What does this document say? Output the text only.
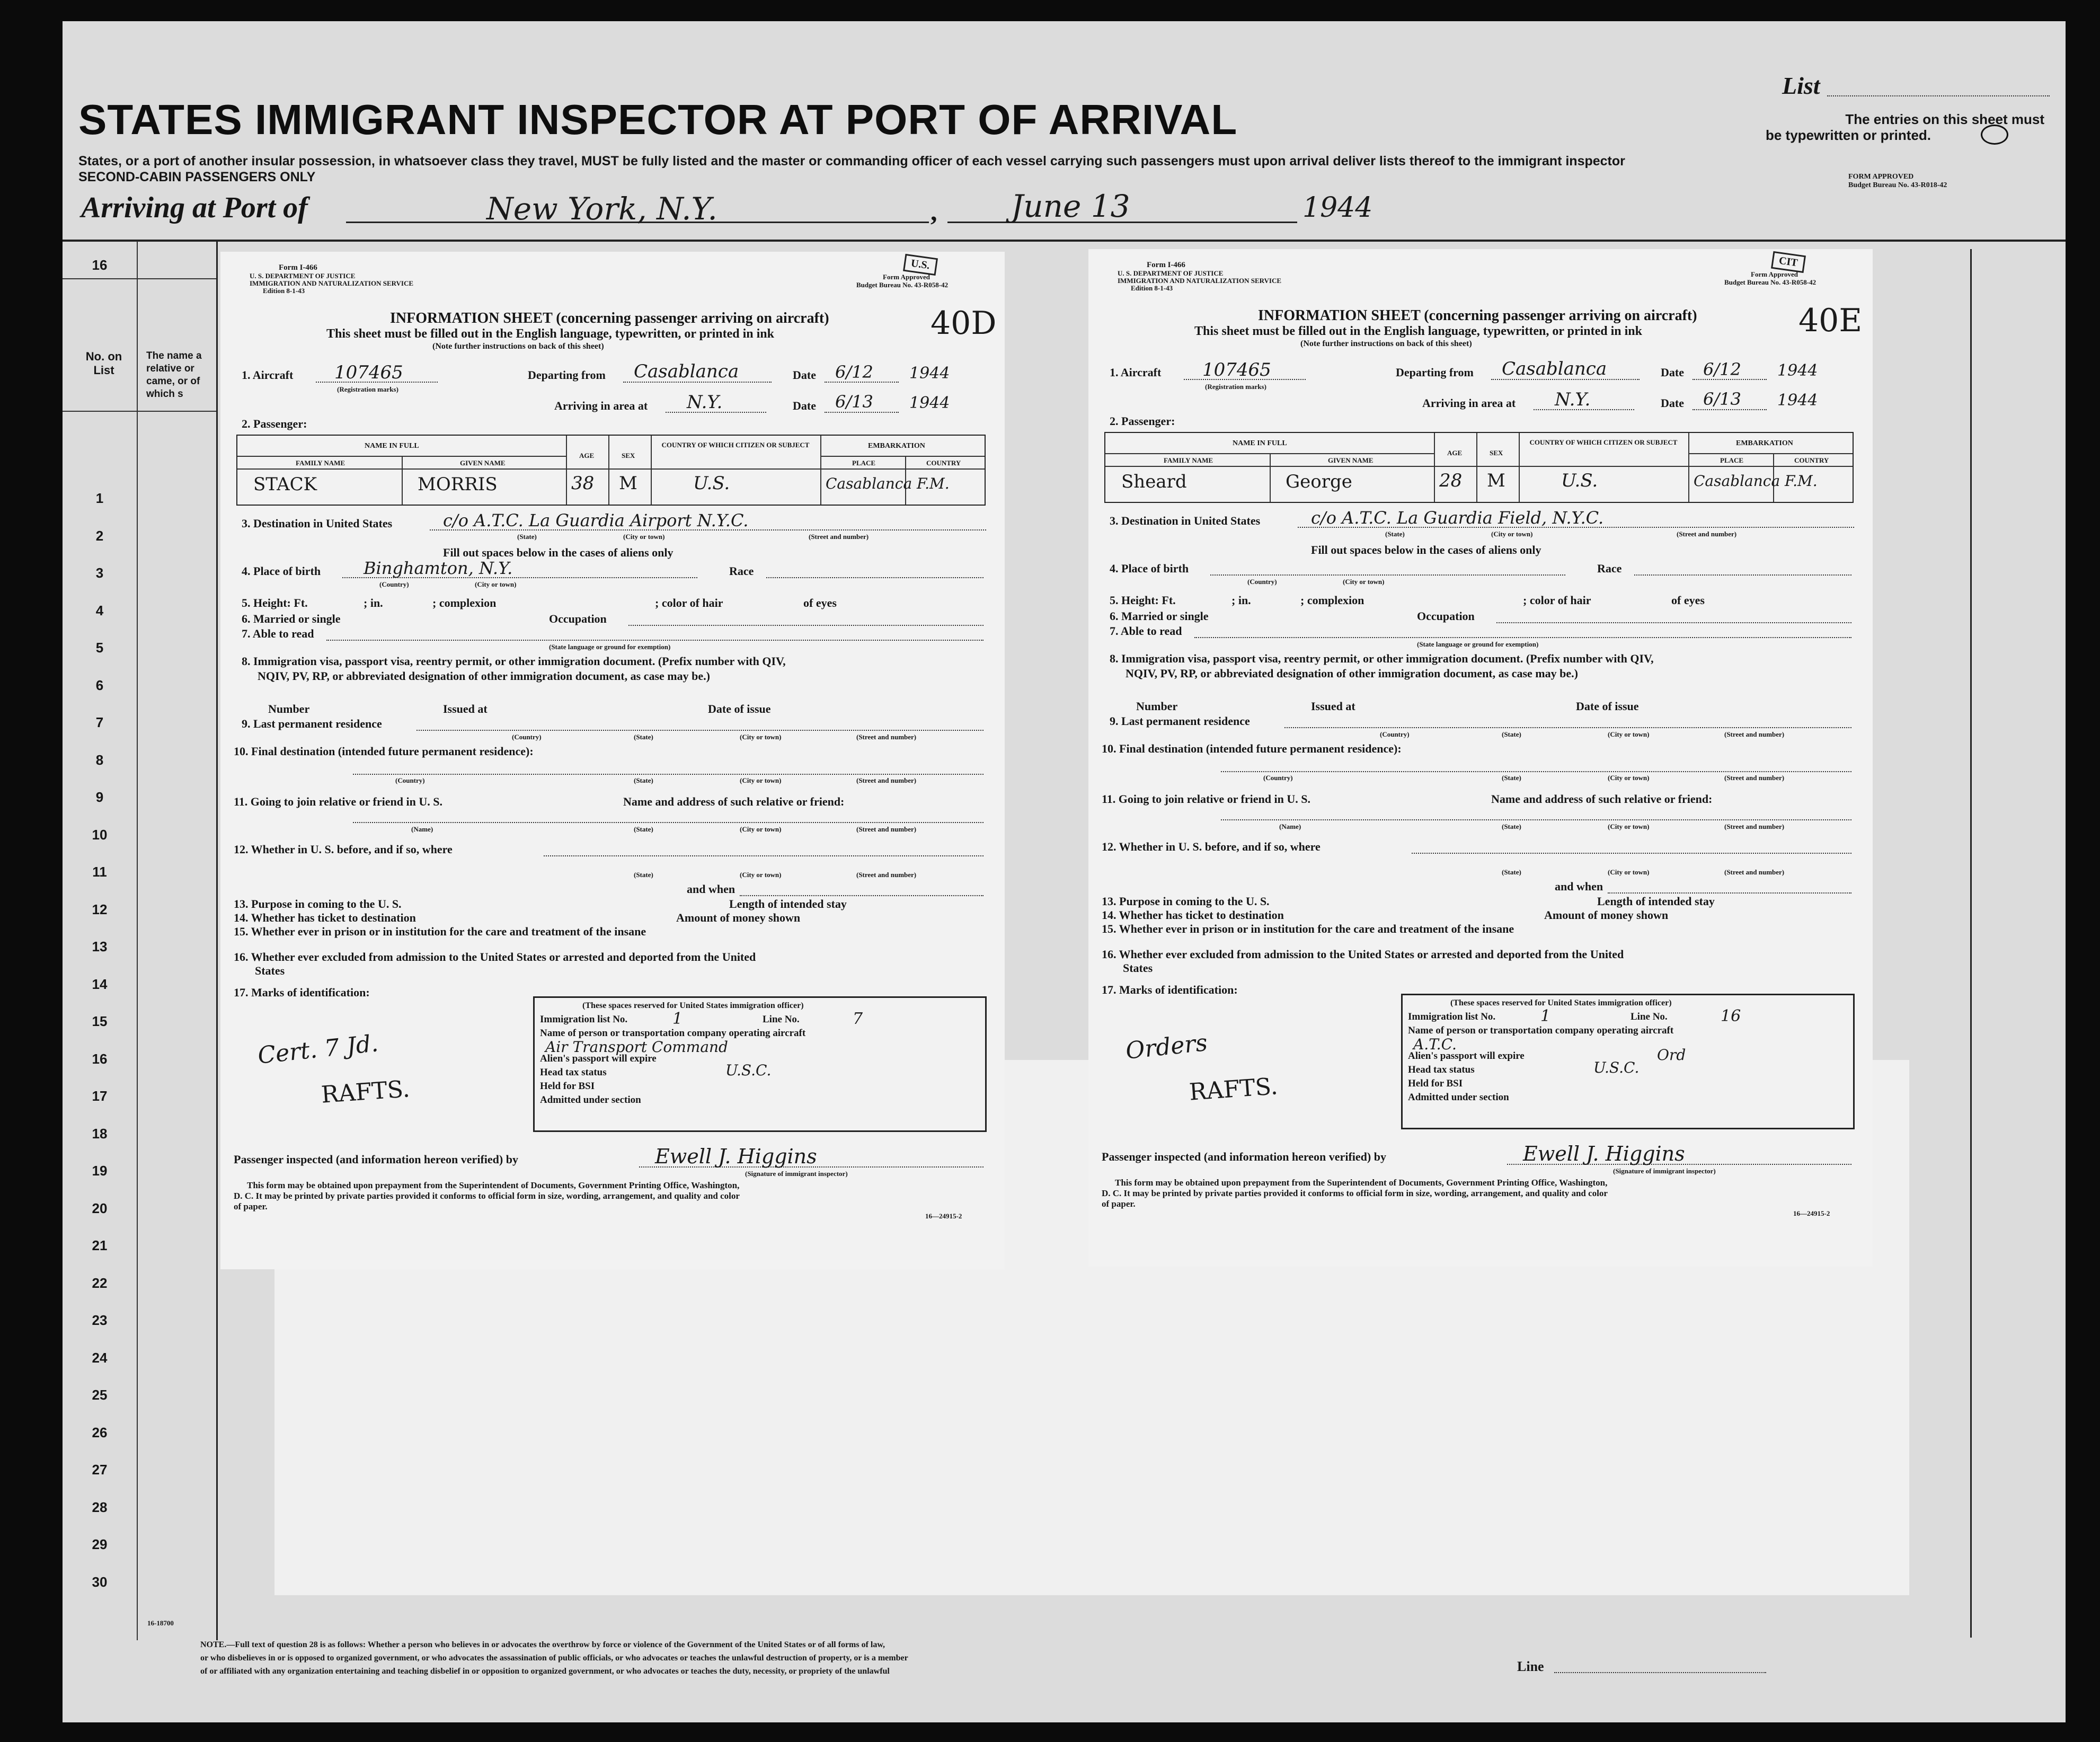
STATES IMMIGRANT INSPECTOR AT PORT OF ARRIVAL
States, or a port of another insular possession, in whatsoever class they travel, MUST be fully listed and the master or commanding officer of each vessel carrying such passengers must upon arrival deliver lists thereof to the immigrant inspector
SECOND-CABIN PASSENGERS ONLY
List
The entries on this sheet must
be typewritten or printed.
FORM APPROVED
Budget Bureau No. 43-R018-42
Arriving at Port of	New York, N.Y.	, June 13	1944
16
No. on List
The name a relative or came, or of which s
1
2
3
4
5
6
7
8
9
10
11
12
13
14
15
16
17
18
19
20
21
22
23
24
25
26
27
28
29
30
16-18700
Form I-466
U. S. DEPARTMENT OF JUSTICE
IMMIGRATION AND NATURALIZATION SERVICE
Edition 8-1-43
Form Approved
Budget Bureau No. 43-R058-42
U.S.
INFORMATION SHEET (concerning passenger arriving on aircraft)
This sheet must be filled out in the English language, typewritten, or printed in ink
(Note further instructions on back of this sheet)
40D
1. Aircraft 107465
(Registration marks)
Departing from Casablanca	Date 6/12 1944
Arriving in area at N.Y.	Date 6/13 1944
2. Passenger:
NAME IN FULL
FAMILY NAME	GIVEN NAME
AGE	SEX
COUNTRY OF WHICH CITIZEN OR SUBJECT	EMBARKATION
PLACE	COUNTRY
STACK	MORRIS	38 M	U.S.	Casablanca F.M.
3. Destination in United States	c/o A.T.C. La Guardia Airport N.Y.C.
(State)	(City or town)	(Street and number)
Fill out spaces below in the cases of aliens only
4. Place of birth	Binghamton, N.Y.
(Country)	(City or town)
Race
5. Height: Ft.	; in.	; complexion	; color of hair	of eyes
6. Married or single	Occupation
7. Able to read
(State language or ground for exemption)
8. Immigration visa, passport visa, reentry permit, or other immigration document. (Prefix number with QIV,
NQIV, PV, RP, or abbreviated designation of other immigration document, as case may be.)
Number	Issued at	Date of issue
9. Last permanent residence
(Country)	(State)	(City or town)	(Street and number)
10. Final destination (intended future permanent residence):
(Country)	(State)	(City or town)	(Street and number)
11. Going to join relative or friend in U. S.	Name and address of such relative or friend:
(Name)	(State)	(City or town)	(Street and number)
12. Whether in U. S. before, and if so, where
(State)	(City or town)	(Street and number)
and when
13. Purpose in coming to the U. S.	Length of intended stay
14. Whether has ticket to destination	Amount of money shown
15. Whether ever in prison or in institution for the care and treatment of the insane
16. Whether ever excluded from admission to the United States or arrested and deported from the United
States
17. Marks of identification:
(These spaces reserved for United States immigration officer)
Immigration list No.	1	Line No.	7
Name of person or transportation company operating aircraft
Air Transport Command
Alien's passport will expire
Head tax status	U.S.C.
Held for BSI
Admitted under section
Cert. 7 Jd.
RAFTS.
Passenger inspected (and information hereon verified) by	Ewell J. Higgins
(Signature of immigrant inspector)
This form may be obtained upon prepayment from the Superintendent of Documents, Government Printing Office, Washington,
D. C. It may be printed by private parties provided it conforms to official form in size, wording, arrangement, and quality and color
of paper.
16—24915-2
Form I-466
U. S. DEPARTMENT OF JUSTICE
IMMIGRATION AND NATURALIZATION SERVICE
Edition 8-1-43
Form Approved
Budget Bureau No. 43-R058-42
CIT
INFORMATION SHEET (concerning passenger arriving on aircraft)
This sheet must be filled out in the English language, typewritten, or printed in ink
(Note further instructions on back of this sheet)
40E
1. Aircraft 107465
(Registration marks)
Departing from Casablanca	Date 6/12 1944
Arriving in area at N.Y.	Date 6/13 1944
2. Passenger:
NAME IN FULL
FAMILY NAME	GIVEN NAME
AGE	SEX
COUNTRY OF WHICH CITIZEN OR SUBJECT	EMBARKATION
PLACE	COUNTRY
Sheard	George	28 M	U.S.	Casablanca F.M.
3. Destination in United States	c/o A.T.C. La Guardia Field, N.Y.C.
(State)	(City or town)	(Street and number)
Fill out spaces below in the cases of aliens only
4. Place of birth
(Country)	(City or town)
Race
5. Height: Ft.	; in.	; complexion	; color of hair	of eyes
6. Married or single	Occupation
7. Able to read
(State language or ground for exemption)
8. Immigration visa, passport visa, reentry permit, or other immigration document. (Prefix number with QIV,
NQIV, PV, RP, or abbreviated designation of other immigration document, as case may be.)
Number	Issued at	Date of issue
9. Last permanent residence
(Country)	(State)	(City or town)	(Street and number)
10. Final destination (intended future permanent residence):
(Country)	(State)	(City or town)	(Street and number)
11. Going to join relative or friend in U. S.	Name and address of such relative or friend:
(Name)	(State)	(City or town)	(Street and number)
12. Whether in U. S. before, and if so, where
(State)	(City or town)	(Street and number)
and when
13. Purpose in coming to the U. S.	Length of intended stay
14. Whether has ticket to destination	Amount of money shown
15. Whether ever in prison or in institution for the care and treatment of the insane
16. Whether ever excluded from admission to the United States or arrested and deported from the United
States
17. Marks of identification:
(These spaces reserved for United States immigration officer)
Immigration list No.	1	Line No.	16
Name of person or transportation company operating aircraft
A.T.C.
Alien's passport will expire	Ord
Head tax status	U.S.C.
Held for BSI
Admitted under section
Orders
RAFTS.
Passenger inspected (and information hereon verified) by	Ewell J. Higgins
(Signature of immigrant inspector)
This form may be obtained upon prepayment from the Superintendent of Documents, Government Printing Office, Washington,
D. C. It may be printed by private parties provided it conforms to official form in size, wording, arrangement, and quality and color
of paper.
16—24915-2
NOTE.—Full text of question 28 is as follows: Whether a person who believes in or advocates the overthrow by force or violence of the Government of the United States or of all forms of law,
or who disbelieves in or is opposed to organized government, or who advocates the assassination of public officials, or who advocates or teaches the unlawful destruction of property, or is a member
of or affiliated with any organization entertaining and teaching disbelief in or opposition to organized government, or who advocates or teaches the duty, necessity, or propriety of the unlawful	Line
